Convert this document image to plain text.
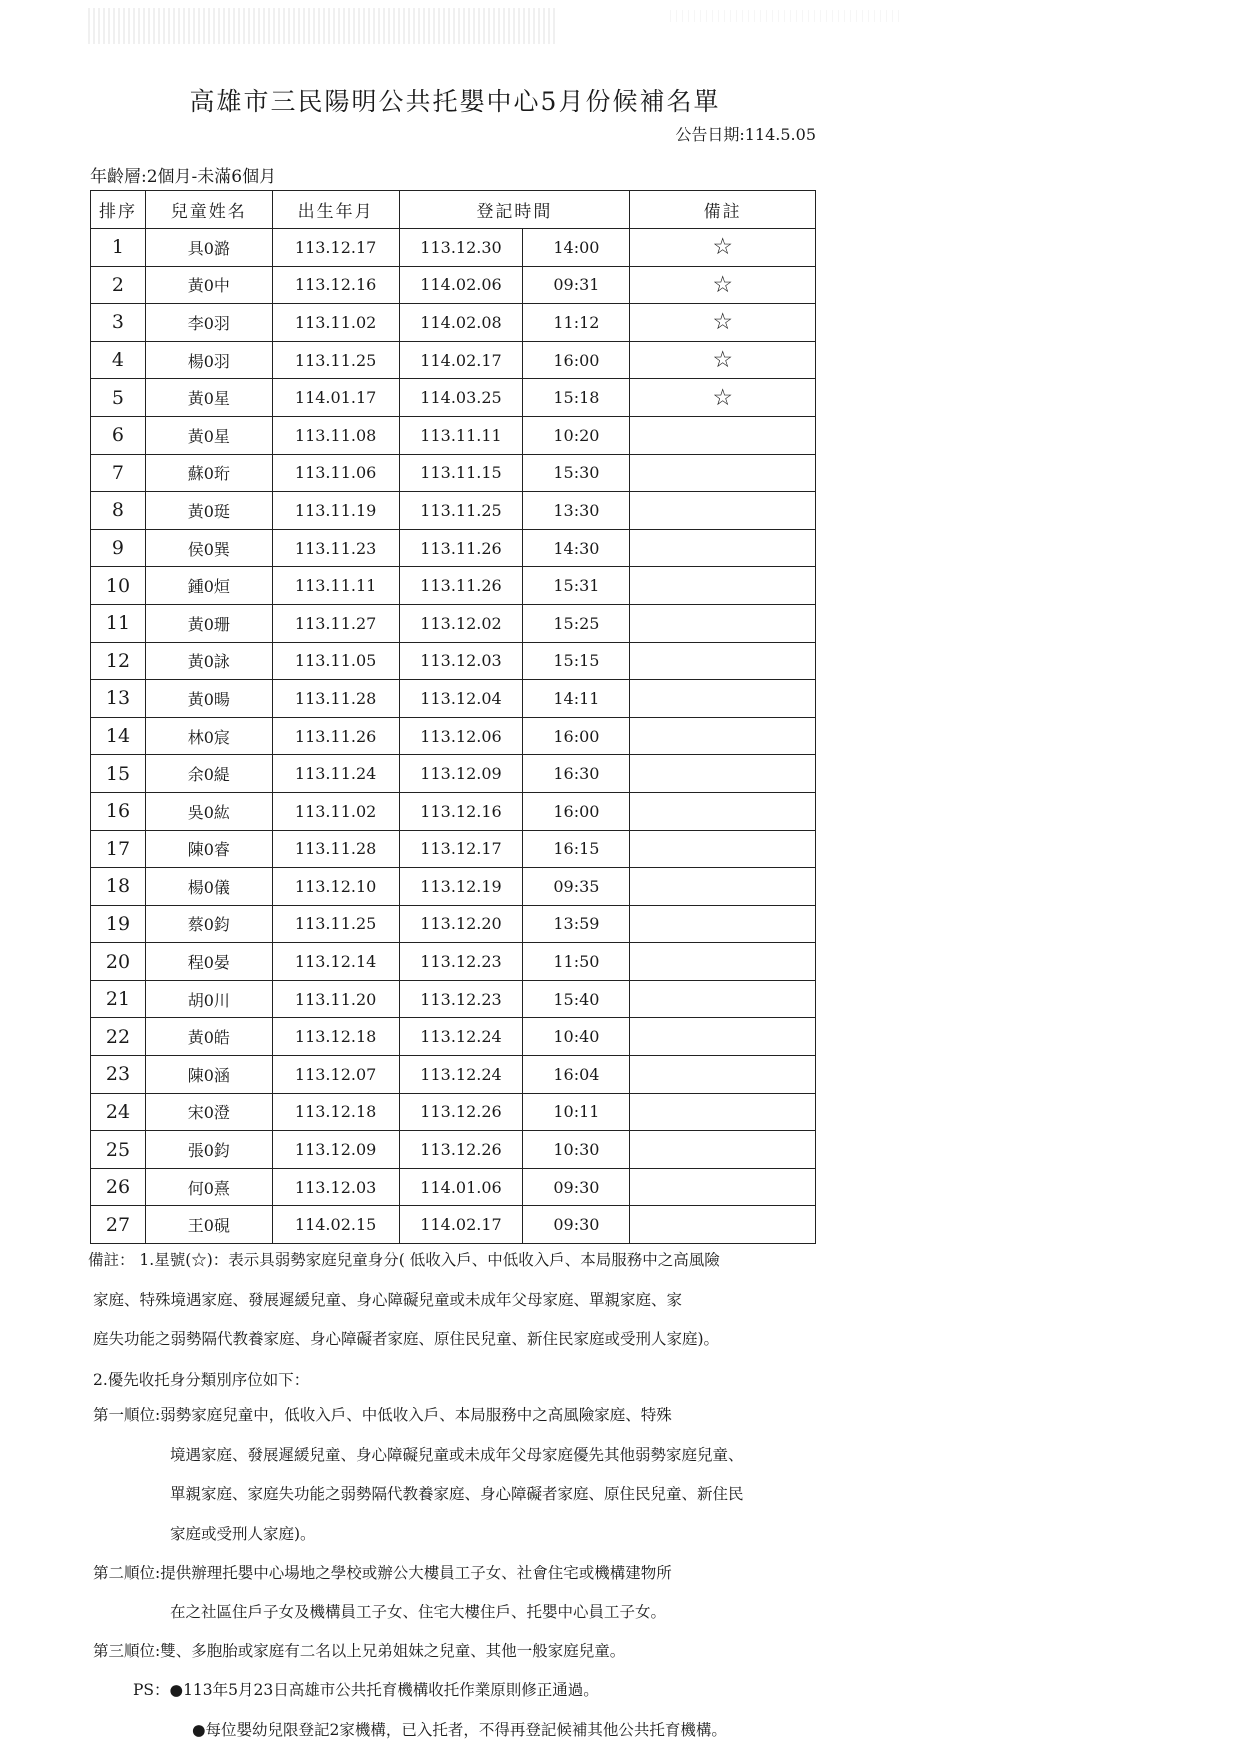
高雄市三民陽明公共托嬰中心5月份候補名單
公告日期:114.5.05
年齡層:2個月-未滿6個月
排序	兒童姓名	出生年月	登記時間		備註
1	具0潞	113.12.17	113.12.30	14:00	☆
2	黃0中	113.12.16	114.02.06	09:31	☆
3	李0羽	113.11.02	114.02.08	11:12	☆
4	楊0羽	113.11.25	114.02.17	16:00	☆
5	黃0星	114.01.17	114.03.25	15:18	☆
6	黃0星	113.11.08	113.11.11	10:20	
7	蘇0珩	113.11.06	113.11.15	15:30	
8	黃0珽	113.11.19	113.11.25	13:30	
9	侯0巽	113.11.23	113.11.26	14:30	
10	鍾0烜	113.11.11	113.11.26	15:31	
11	黃0珊	113.11.27	113.12.02	15:25	
12	黃0詠	113.11.05	113.12.03	15:15	
13	黃0暘	113.11.28	113.12.04	14:11	
14	林0宸	113.11.26	113.12.06	16:00	
15	余0緹	113.11.24	113.12.09	16:30	
16	吳0紘	113.11.02	113.12.16	16:00	
17	陳0睿	113.11.28	113.12.17	16:15	
18	楊0儀	113.12.10	113.12.19	09:35	
19	蔡0鈞	113.11.25	113.12.20	13:59	
20	程0晏	113.12.14	113.12.23	11:50	
21	胡0川	113.11.20	113.12.23	15:40	
22	黃0皓	113.12.18	113.12.24	10:40	
23	陳0涵	113.12.07	113.12.24	16:04	
24	宋0澄	113.12.18	113.12.26	10:11	
25	張0鈞	113.12.09	113.12.26	10:30	
26	何0熹	113.12.03	114.01.06	09:30	
27	王0硯	114.02.15	114.02.17	09:30	
備註： 1.星號(☆)：表示具弱勢家庭兒童身分( 低收入戶、中低收入戶、本局服務中之高風險
家庭、特殊境遇家庭、發展遲緩兒童、身心障礙兒童或未成年父母家庭、單親家庭、家
庭失功能之弱勢隔代教養家庭、身心障礙者家庭、原住民兒童、新住民家庭或受刑人家庭)。
2.優先收托身分類別序位如下：
第一順位:弱勢家庭兒童中，低收入戶、中低收入戶、本局服務中之高風險家庭、特殊
境遇家庭、發展遲緩兒童、身心障礙兒童或未成年父母家庭優先其他弱勢家庭兒童、
單親家庭、家庭失功能之弱勢隔代教養家庭、身心障礙者家庭、原住民兒童、新住民
家庭或受刑人家庭)。
第二順位:提供辦理托嬰中心場地之學校或辦公大樓員工子女、社會住宅或機構建物所
在之社區住戶子女及機構員工子女、住宅大樓住戶、托嬰中心員工子女。
第三順位:雙、多胞胎或家庭有二名以上兄弟姐妹之兒童、其他一般家庭兒童。
PS：●113年5月23日高雄市公共托育機構收托作業原則修正通過。
●每位嬰幼兒限登記2家機構，已入托者，不得再登記候補其他公共托育機構。
